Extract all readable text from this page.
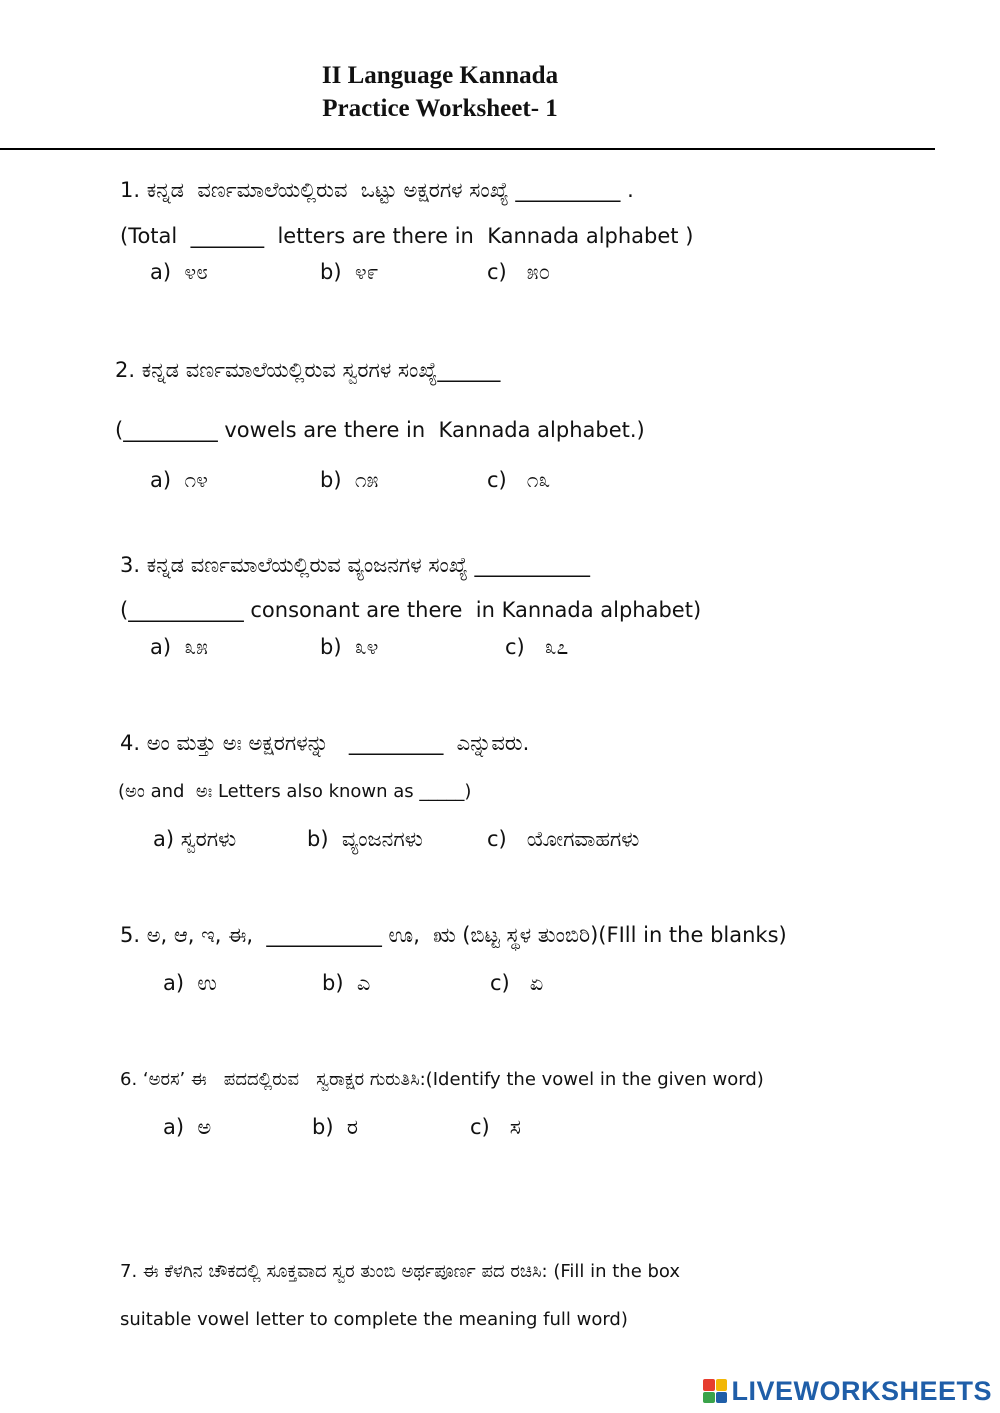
II Language Kannada
Practice Worksheet- 1
1. ಕನ್ನಡ  ವರ್ಣಮಾಲೆಯಲ್ಲಿರುವ  ಒಟ್ಟು ಅಕ್ಷರಗಳ ಸಂಖ್ಯೆ __________ .
(Total  _______  letters are there in  Kannada alphabet )
a)  ೪೮	b)  ೪೯	c)   ೫೦
2. ಕನ್ನಡ ವರ್ಣಮಾಲೆಯಲ್ಲಿರುವ ಸ್ವರಗಳ ಸಂಖ್ಯೆ______
(_________ vowels are there in  Kannada alphabet.)
a)  ೧೪	b)  ೧೫	c)   ೧೩
3. ಕನ್ನಡ ವರ್ಣಮಾಲೆಯಲ್ಲಿರುವ ವ್ಯಂಜನಗಳ ಸಂಖ್ಯೆ ___________
(___________ consonant are there  in Kannada alphabet)
a)  ೩೫	b)  ೩೪	c)   ೩೭
4. ಅಂ ಮತ್ತು ಅಃ ಅಕ್ಷರಗಳನ್ನು   _________  ಎನ್ನುವರು.
(ಅಂ and  ಅಃ Letters also known as _____)
a) ಸ್ವರಗಳು	b)  ವ್ಯಂಜನಗಳು	c)   ಯೋಗವಾಹಗಳು
5. ಅ, ಆ, ಇ, ಈ,  ___________ ಊ,  ಋ (ಬಿಟ್ಟ ಸ್ಥಳ ತುಂಬಿರಿ)(FIll in the blanks)
a)  ಉ	b)  ಎ	c)   ಏ
6. ‘ಅರಸ’ ಈ   ಪದದಲ್ಲಿರುವ   ಸ್ವರಾಕ್ಷರ ಗುರುತಿಸಿ:(Identify the vowel in the given word)
a)  ಅ	b)  ರ	c)   ಸ
7. ಈ ಕೆಳಗಿನ ಚೌಕದಲ್ಲಿ ಸೂಕ್ತವಾದ ಸ್ವರ ತುಂಬಿ ಅರ್ಥಪೂರ್ಣ ಪದ ರಚಿಸಿ: (Fill in the box
suitable vowel letter to complete the meaning full word)
LIVEWORKSHEETS
